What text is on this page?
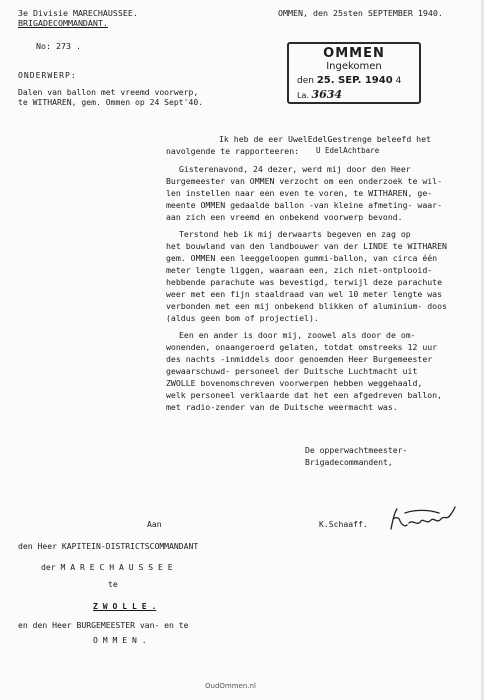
3e Divisie MARECHAUSSEE.
BRIGADECOMMANDANT.
No: 273 .
OMMEN, den 25sten SEPTEMBER 1940.
OMMEN
Ingekomen
den 25. SEP. 1940 4
La. 3634
ONDERWERP:
Dalen van ballon met vreemd voorwerp,
te WITHAREN, gem. Ommen op 24 Sept'40.
U EdelAchtbare
Ik heb de eer UwelEdelGestrenge beleefd het
navolgende te rapporteeren:
Gisterenavond, 24 dezer, werd mij door den Heer
Burgemeester van OMMEN verzocht om een onderzoek te wil-
len instellen naar een even te voren, te WITHAREN, ge-
meente OMMEN gedaalde ballon -van kleine afmeting- waar-
aan zich een vreemd en onbekend voorwerp bevond.
Terstond heb ik mij derwaarts begeven en zag op
het bouwland van den landbouwer van der LINDE te WITHAREN
gem. OMMEN een leeggeloopen gummi-ballon, van circa één
meter lengte liggen, waaraan een, zich niet-ontplooid-
hebbende parachute was bevestigd, terwijl deze parachute
weer met een fijn staaldraad van wel 10 meter lengte was
verbonden met een mij onbekend blikken of aluminium- doos
(aldus geen bom of projectiel).
Een en ander is door mij, zoowel als door de om-
wonenden, onaangeroerd gelaten, totdat omstreeks 12 uur
des nachts -inmiddels door genoemden Heer Burgemeester
gewaarschuwd- personeel der Duitsche Luchtmacht uit
ZWOLLE bovenomschreven voorwerpen hebben weggehaald,
welk personeel verklaarde dat het een afgedreven ballon,
met radio-zender van de Duitsche weermacht was.
De opperwachtmeester-
Brigadecommandent,
K.Schaaff.
Aan
den Heer KAPITEIN-DISTRICTSCOMMANDANT
der M A R E C H A U S S E E
te
Z W O L L E .
en den Heer BURGEMEESTER van- en te
O M M E N .
OudOmmen.nl
